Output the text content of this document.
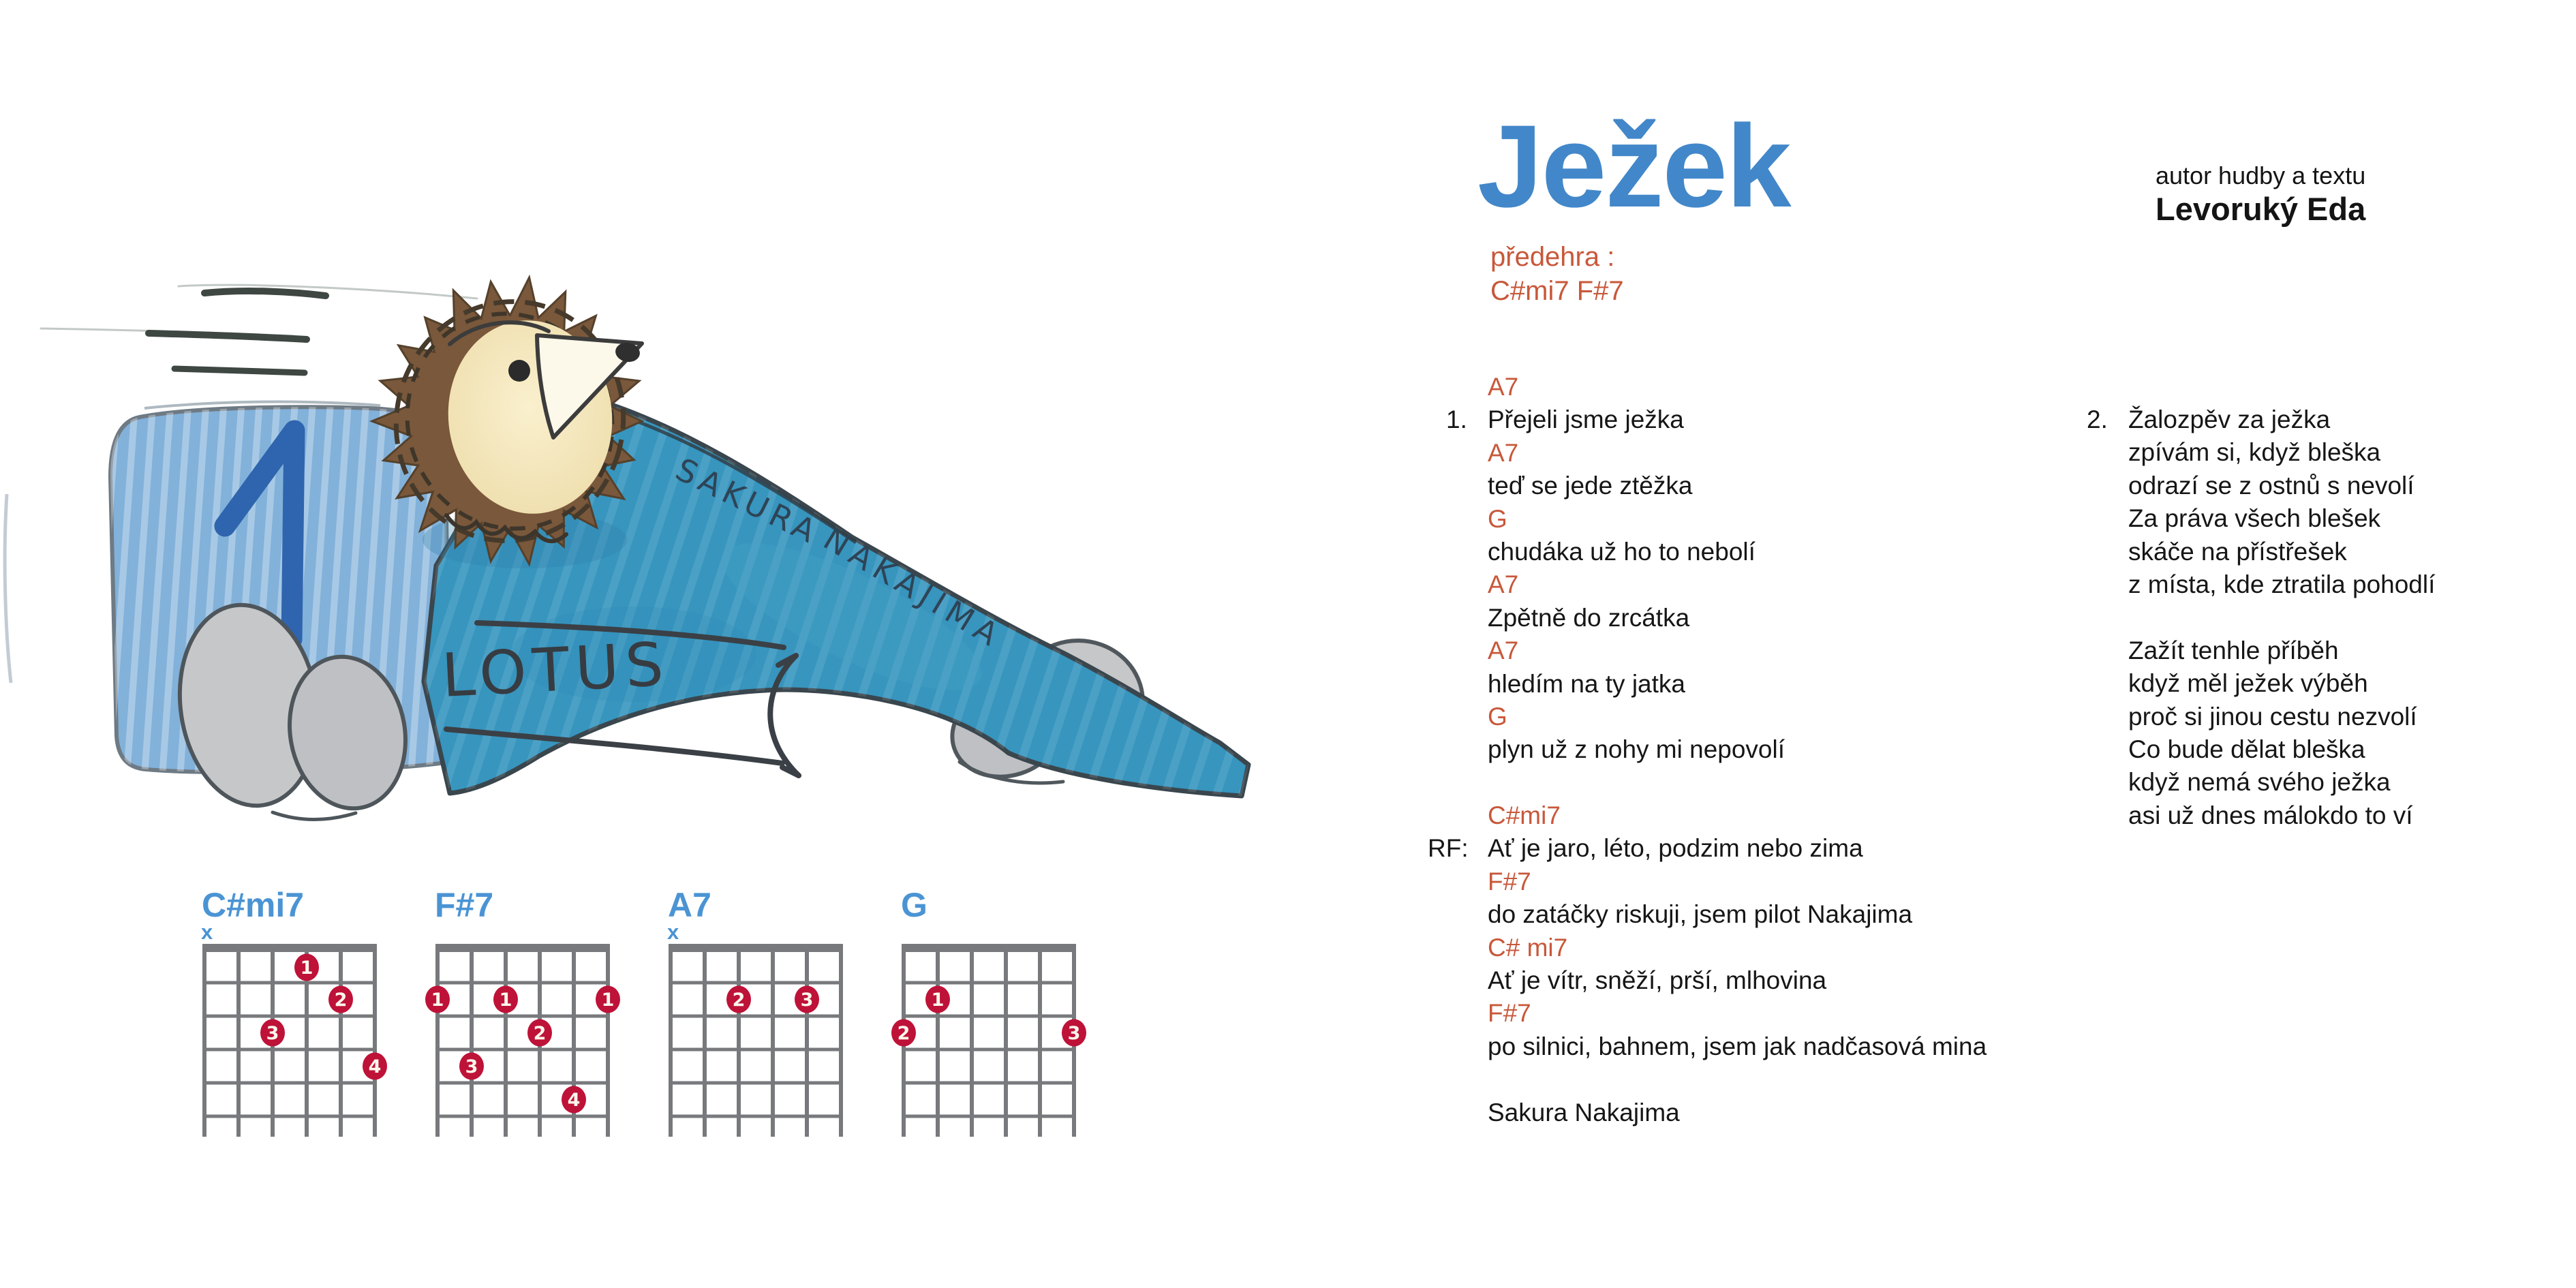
Ježek	autor hudby a textu
Levoruký Eda
předehra :
C#mi7 F#7
A7
Přejeli jsme ježka
1.
A7
teď se jede ztěžka
G
chudáka už ho to nebolí
A7
Zpětně do zrcátka
A7
hledím na ty jatka
G
plyn už z nohy mi nepovolí
C#mi7
Ať je jaro, léto, podzim nebo zima
RF:
F#7
do zatáčky riskuji, jsem pilot Nakajima
C# mi7
Ať je vítr, sněží, prší, mlhovina
F#7
po silnici, bahnem, jsem jak nadčasová mina
Sakura Nakajima
Žalozpěv za ježka
2.
zpívám si, když bleška
odrazí se z ostnů s nevolí
Za práva všech blešek
skáče na přístřešek
z místa, kde ztratila pohodlí
Zažít tenhle příběh
když měl ježek výběh
proč si jinou cestu nezvolí
Co bude dělat bleška
když nemá svého ježka
asi už dnes málokdo to ví
C#mi7
x
1
2
3
4
F#7
1	1	1
2
3
4
A7
x
2	3
G
1
2	3
SAKURA
NAKAJIMA
LOTUS
